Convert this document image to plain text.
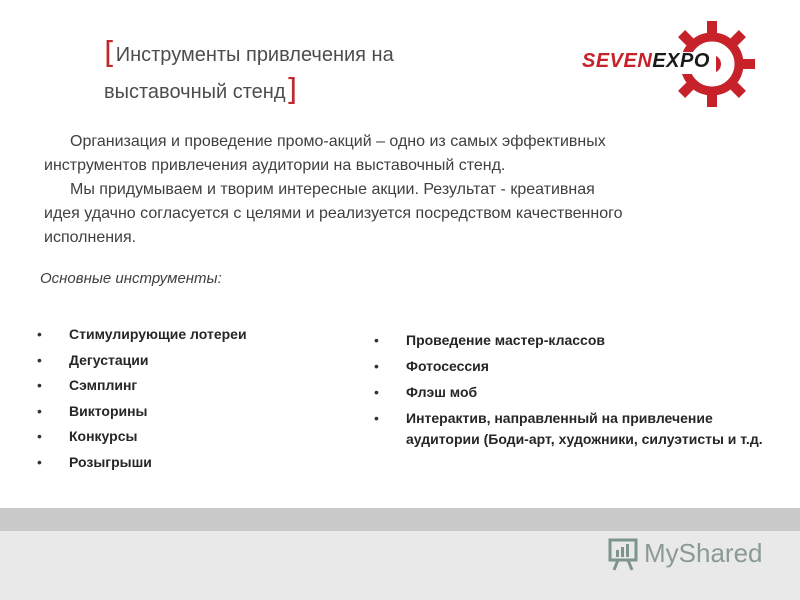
[Инструменты привлечения на
выставочный стенд]
SEVENEXPO
Организация и проведение промо-акций – одно из самых эффективных
инструментов привлечения аудитории на выставочный стенд.
Мы придумываем и творим интересные акции. Результат - креативная
идея удачно согласуется с целями и реализуется посредством качественного
исполнения.
Основные инструменты:
• Стимулирующие лотереи
• Дегустации
• Сэмплинг
• Викторины
• Конкурсы
• Розыгрыши
• Проведение мастер-классов
• Фотосессия
• Флэш моб
• Интерактив, направленный на привлечение аудитории (Боди-арт, художники, силуэтисты и т.д.
MyShared
